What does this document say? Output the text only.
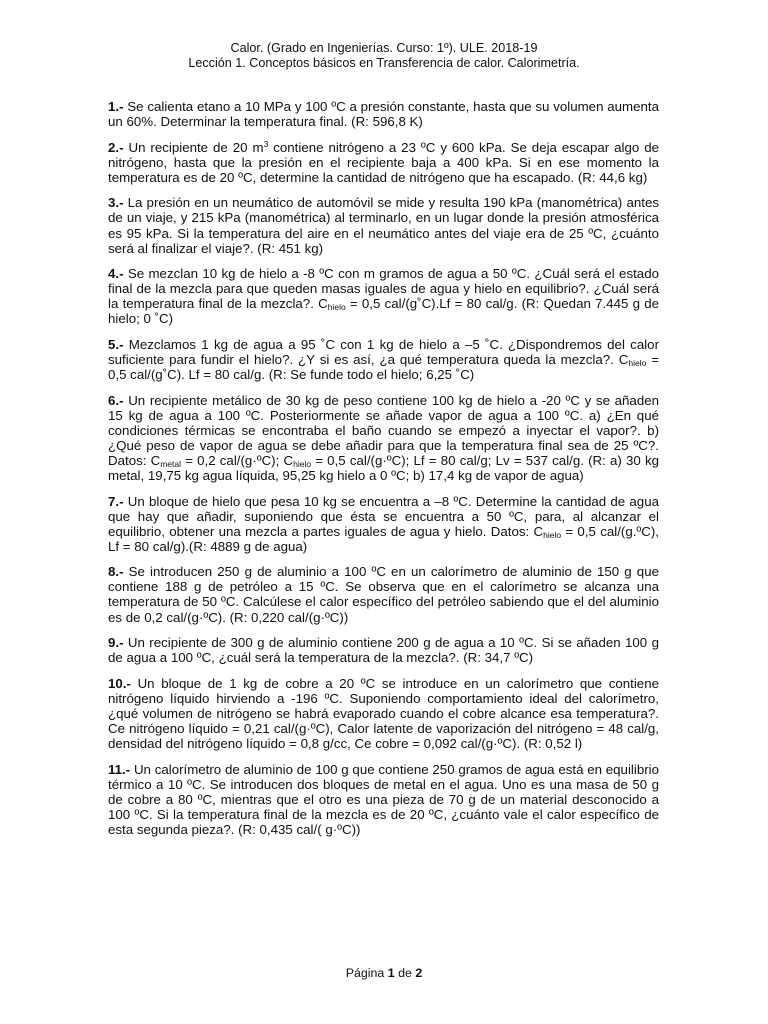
Calor. (Grado en Ingenierías. Curso: 1º). ULE. 2018-19
Lección 1. Conceptos básicos en Transferencia de calor. Calorimetría.

1.- Se calienta etano a 10 MPa y 100 ºC a presión constante, hasta que su volumen aumenta un 60%. Determinar la temperatura final. (R: 596,8 K)

2.- Un recipiente de 20 $m^3$ contiene nitrógeno a 23 ºC y 600 kPa. Se deja escapar algo de nitrógeno, hasta que la presión en el recipiente baja a 400 kPa. Si en ese momento la temperatura es de 20 ºC, determine la cantidad de nitrógeno que ha escapado. (R: 44,6 kg)

3.- La presión en un neumático de automóvil se mide y resulta 190 kPa (manométrica) antes de un viaje, y 215 kPa (manométrica) al terminarlo, en un lugar donde la presión atmosférica es 95 kPa. Si la temperatura del aire en el neumático antes del viaje era de 25 ºC, ¿cuánto será al finalizar el viaje?. (R: 451 kg)

4.- Se mezclan 10 kg de hielo a -8 ºC con m gramos de agua a 50 ºC. ¿Cuál será el estado final de la mezcla para que queden masas iguales de agua y hielo en equilibrio?. ¿Cuál será la temperatura final de la mezcla?. $C_{hielo} = 0,5$ cal/(g˚C).Lf = 80 cal/g. (R: Quedan 7.445 g de hielo; 0 ˚C)

5.- Mezclamos 1 kg de agua a 95 ˚C con 1 kg de hielo a –5 ˚C. ¿Dispondremos del calor suficiente para fundir el hielo?. ¿Y si es así, ¿a qué temperatura queda la mezcla?. $C_{hielo} = 0,5$ cal/(g˚C). Lf = 80 cal/g. (R: Se funde todo el hielo; 6,25 ˚C)

6.- Un recipiente metálico de 30 kg de peso contiene 100 kg de hielo a -20 ºC y se añaden 15 kg de agua a 100 ºC. Posteriormente se añade vapor de agua a 100 ºC. a) ¿En qué condiciones térmicas se encontraba el baño cuando se empezó a inyectar el vapor?. b) ¿Qué peso de vapor de agua se debe añadir para que la temperatura final sea de 25 ºC?. Datos: $C_{metal} = 0,2$ cal/(g·ºC); $C_{hielo} = 0,5$ cal/(g·ºC); Lf = 80 cal/g; Lv = 537 cal/g. (R: a) 30 kg metal, 19,75 kg agua líquida, 95,25 kg hielo a 0 ºC; b) 17,4 kg de vapor de agua)

7.- Un bloque de hielo que pesa 10 kg se encuentra a –8 ºC. Determine la cantidad de agua que hay que añadir, suponiendo que ésta se encuentra a 50 ºC, para, al alcanzar el equilibrio, obtener una mezcla a partes iguales de agua y hielo. Datos: $C_{hielo} = 0,5$ cal/(g.ºC), Lf = 80 cal/g).(R: 4889 g de agua)

8.- Se introducen 250 g de aluminio a 100 ºC en un calorímetro de aluminio de 150 g que contiene 188 g de petróleo a 15 ºC. Se observa que en el calorímetro se alcanza una temperatura de 50 ºC. Calcúlese el calor específico del petróleo sabiendo que el del aluminio es de 0,2 cal/(g·ºC). (R: 0,220 cal/(g·ºC))

9.- Un recipiente de 300 g de aluminio contiene 200 g de agua a 10 ºC. Si se añaden 100 g de agua a 100 ºC, ¿cuál será la temperatura de la mezcla?. (R: 34,7 ºC)

10.- Un bloque de 1 kg de cobre a 20 ºC se introduce en un calorímetro que contiene nitrógeno líquido hirviendo a -196 ºC. Suponiendo comportamiento ideal del calorímetro, ¿qué volumen de nitrógeno se habrá evaporado cuando el cobre alcance esa temperatura?. Ce nitrógeno líquido = 0,21 cal/(g·ºC), Calor latente de vaporización del nitrógeno = 48 cal/g, densidad del nitrógeno líquido = 0,8 g/cc, Ce cobre = 0,092 cal/(g·ºC). (R: 0,52 l)

11.- Un calorímetro de aluminio de 100 g que contiene 250 gramos de agua está en equilibrio térmico a 10 ºC. Se introducen dos bloques de metal en el agua. Uno es una masa de 50 g de cobre a 80 ºC, mientras que el otro es una pieza de 70 g de un material desconocido a 100 ºC. Si la temperatura final de la mezcla es de 20 ºC, ¿cuánto vale el calor específico de esta segunda pieza?. (R: 0,435 cal/( g·ºC))

Página 1 de 2
